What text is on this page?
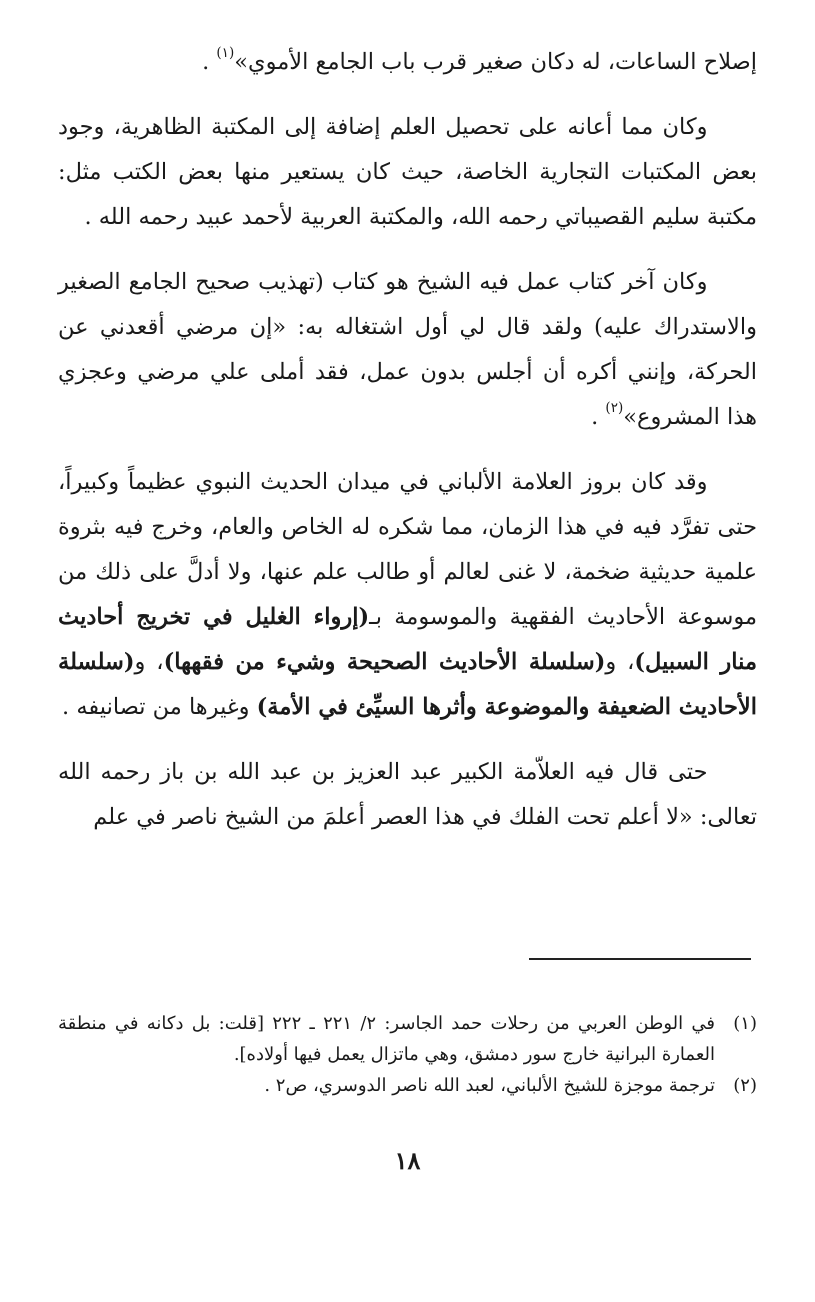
إصلاح الساعات، له دكان صغير قرب باب الجامع الأموي»$^{(١)}$ .

وكان مما أعانه على تحصيل العلم إضافة إلى المكتبة الظاهرية، وجود بعض المكتبات التجارية الخاصة، حيث كان يستعير منها بعض الكتب مثل: مكتبة سليم القصيباتي رحمه الله، والمكتبة العربية لأحمد عبيد رحمه الله .

وكان آخر كتاب عمل فيه الشيخ هو كتاب (تهذيب صحيح الجامع الصغير والاستدراك عليه) ولقد قال لي أول اشتغاله به: «إن مرضي أقعدني عن الحركة، وإنني أكره أن أجلس بدون عمل، فقد أملى علي مرضي وعجزي هذا المشروع»$^{(٢)}$ .

وقد كان بروز العلامة الألباني في ميدان الحديث النبوي عظيماً وكبيراً، حتى تفرَّد فيه في هذا الزمان، مما شكره له الخاص والعام، وخرج فيه بثروة علمية حديثية ضخمة، لا غنى لعالم أو طالب علم عنها، ولا أدلَّ على ذلك من موسوعة الأحاديث الفقهية والموسومة بـ(إرواء الغليل في تخريج أحاديث منار السبيل)، و(سلسلة الأحاديث الصحيحة وشيء من فقهها)، و(سلسلة الأحاديث الضعيفة والموضوعة وأثرها السيِّئ في الأمة) وغيرها من تصانيفه .

حتى قال فيه العلاّمة الكبير عبد العزيز بن عبد الله بن باز رحمه الله تعالى: «لا أعلم تحت الفلك في هذا العصر أعلمَ من الشيخ ناصر في علم

(١)
في الوطن العربي من رحلات حمد الجاسر: ٢/ ٢٢١ ـ ٢٢٢ [قلت: بل دكانه في منطقة العمارة البرانية خارج سور دمشق، وهي ماتزال يعمل فيها أولاده].
(٢)
ترجمة موجزة للشيخ الألباني، لعبد الله ناصر الدوسري، ص٢ .
١٨
